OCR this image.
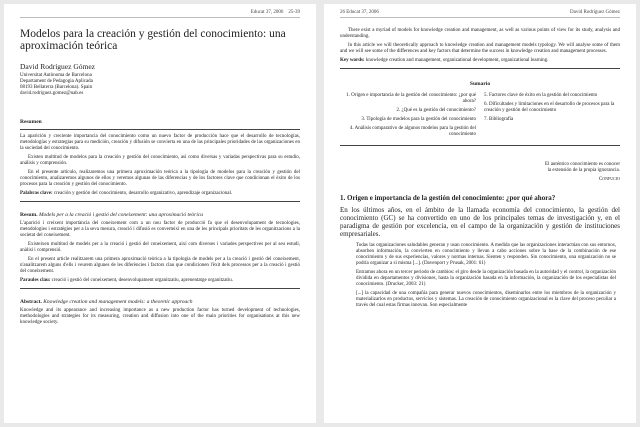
Educat 37, 2006 25-39
Modelos para la creación y gestión del conocimiento: una aproximación teórica
David Rodríguez Gómez
Universitat Autònoma de Barcelona
Departament de Pedagogia Aplicada
08193 Bellaterra (Barcelona). Spain
david.rodriguez.gomez@uab.es
Resumen

La aparición y creciente importancia del conocimiento como un nuevo factor de producción hace que el desarrollo de tecnologías, metodologías y estrategias para su medición, creación y difusión se convierta en una de las principales prioridades de las organizaciones en la sociedad del conocimiento.

Existen multitud de modelos para la creación y gestión del conocimiento, así como diversas y variadas perspectivas para su estudio, análisis y comprensión.

En el presente artículo, realizaremos una primera aproximación teórica a la tipología de modelos para la creación y gestión del conocimiento, analizaremos algunos de ellos y veremos algunas de las diferencias y de los factores clave que condicionan el éxito de los procesos para la creación y gestión del conocimiento.

Palabras clave: creación y gestión del conocimiento, desarrollo organizativo, aprendizaje organizacional.

Resum. Models per a la creació i gestió del coneixement: una aproximació teòrica

L'aparició i creixent importància del coneixement com a un nou factor de producció fa que el desenvolupament de tecnologies, metodologies i estratègies per a la seva mesura, creació i difusió es converteixi en una de les principals prioritats de les organitzacions a la societat del coneixement.

Existeixen multitud de models per a la creació i gestió del coneixement, així com diverses i variades perspectives per al seu estudi, anàlisi i comprensió.

En el present article realitzarem una primera aproximació teòrica a la tipologia de models per a la creació i gestió del coneixement, n'analitzarem alguns d'ells i veurem algunes de les diferències i factors clau que condicionen l'èxit dels processos per a la creació i gestió del coneixement.

Paraules clau: creació i gestió del coneixement, desenvolupament organitzatiu, aprenentatge organitzatiu.

Abstract. Knowledge creation and management models: a theoretic approach

Knowledge and its appearance and increasing importance as a new production factor has turned development of technologies, methodologies and strategies for its measuring, creation and diffusion into one of the main priorities for organisations at this new knowledge society.

26 Educat 37, 2006	David Rodríguez Gómez

There exist a myriad of models for knowledge creation and management, as well as various points of view for its study, analysis and understanding.

In this article we will theoretically approach to knowledge creation and management models typology. We will analyse some of them and we will see some of the differences and key factors that determine the success in knowledge creation and management processes.

Key words: knowledge creation and management, organizational development, organizational learning.

Sumario
1. Origen e importancia de la gestión del conocimiento: ¿por qué ahora?
2. ¿Qué es la gestión del conocimiento?
3. Tipología de modelos para la gestión del conocimiento
4. Análisis comparativo de algunos modelos para la gestión del conocimiento
5. Factores clave de éxito en la gestión del conocimiento
6. Dificultades y limitaciones en el desarrollo de procesos para la creación y gestión del conocimiento
7. Bibliografía
El auténtico conocimiento es conocer
la extensión de la propia ignorancia.
Confucio
1. Origen e importancia de la gestión del conocimiento: ¿por qué ahora?
En los últimos años, en el ámbito de la llamada economía del conocimiento, la gestión del conocimiento (GC) se ha convertido en uno de los principales temas de investigación y, en el paradigma de gestión por excelencia, en el campo de la organización y gestión de instituciones empresariales.

Todas las organizaciones saludables generan y usan conocimiento. A medida que las organizaciones interactúan con sus entornos, absorben información, la convierten en conocimiento y llevan a cabo acciones sobre la base de la combinación de ese conocimiento y de sus experiencias, valores y normas internas. Sienten y responden. Sin conocimiento, una organización no se podría organizar a sí misma [...]. (Davenport y Prusak, 2001: 61)

Entramos ahora en un tercer periodo de cambios: el giro desde la organización basada en la autoridad y el control, la organización dividida en departamentos y divisiones, hasta la organización basada en la información, la organización de los especialistas del conocimiento. (Drucker, 2003: 21)

[...] la capacidad de una compañía para generar nuevos conocimientos, diseminarlos entre los miembros de la organización y materializarlos en productos, servicios y sistemas. La creación de conocimiento organizacional es la clave del proceso peculiar a través del cual estas firmas innovan. Son especialmente
